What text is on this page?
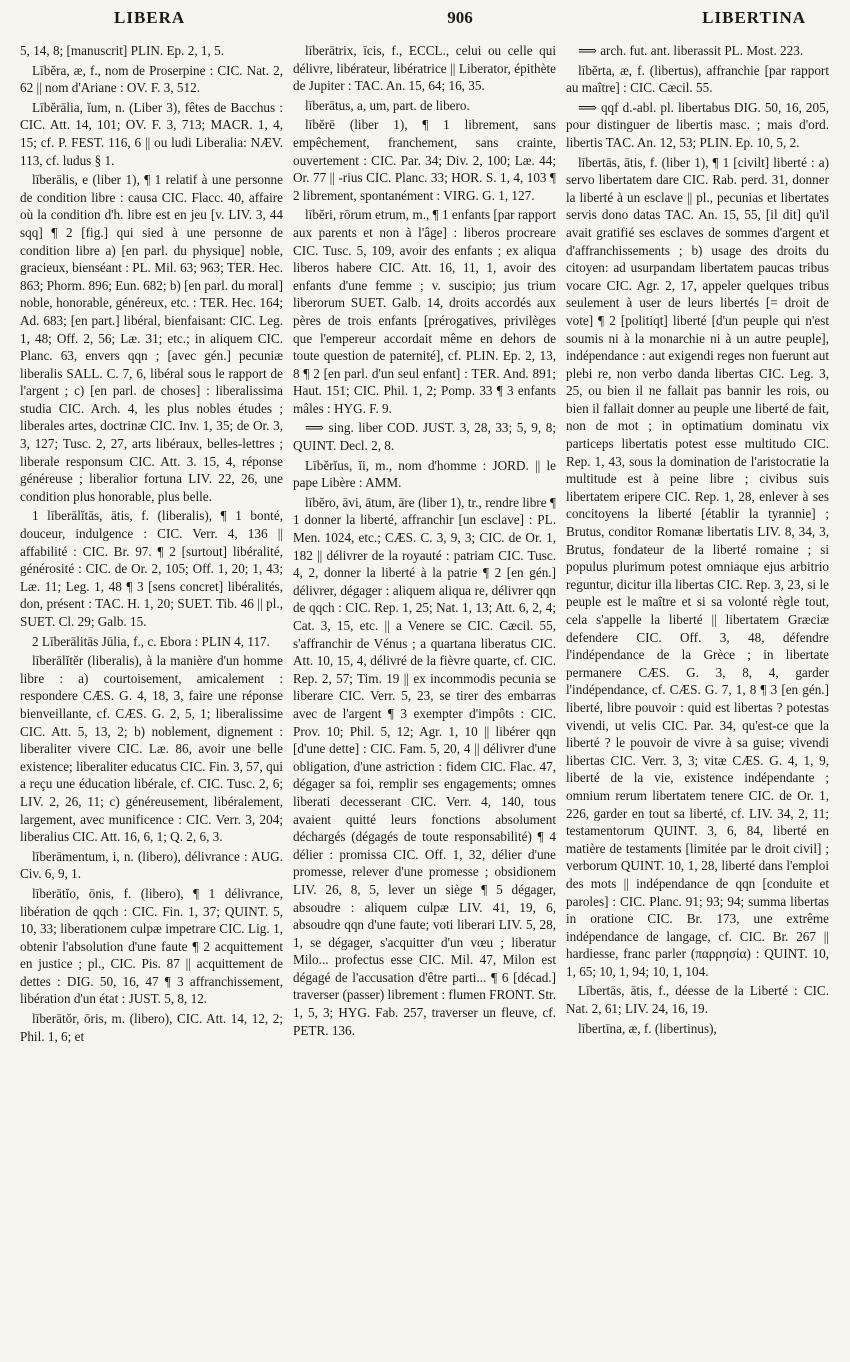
LIBERA	906	LIBERTINA

5, 14, 8; [manuscrit] PLIN. Ep. 2, 1, 5.

Lībĕra, æ, f., nom de Proserpine : CIC. Nat. 2, 62 || nom d'Ariane : OV. F. 3, 512.

Lībĕrālia, ĭum, n. (Liber 3), fêtes de Bacchus : CIC. Att. 14, 101; OV. F. 3, 713; MACR. 1, 4, 15; cf. P. FEST. 116, 6 || ou ludi Liberalia: NÆV. 113, cf. ludus § 1.

līberālis, e (liber 1), ¶ 1 relatif à une personne de condition libre : causa CIC. Flacc. 40, affaire où la condition d'h. libre est en jeu [v. LIV. 3, 44 sqq] ¶ 2 [fig.] qui sied à une personne de condition libre a) [en parl. du physique] noble, gracieux, bienséant : PL. Mil. 63; 963; TER. Hec. 863; Phorm. 896; Eun. 682; b) [en parl. du moral] noble, honorable, généreux, etc. : TER. Hec. 164; Ad. 683; [en part.] libéral, bienfaisant: CIC. Leg. 1, 48; Off. 2, 56; Læ. 31; etc.; in aliquem CIC. Planc. 63, envers qqn ; [avec gén.] pecuniæ liberalis SALL. C. 7, 6, libéral sous le rapport de l'argent ; c) [en parl. de choses] : liberalissima studia CIC. Arch. 4, les plus nobles études ; liberales artes, doctrinæ CIC. Inv. 1, 35; de Or. 3, 3, 127; Tusc. 2, 27, arts libéraux, belles-lettres ; liberale responsum CIC. Att. 3. 15, 4, réponse généreuse ; liberalior fortuna LIV. 22, 26, une condition plus honorable, plus belle.

1 līberālĭtās, ātis, f. (liberalis), ¶ 1 bonté, douceur, indulgence : CIC. Verr. 4, 136 || affabilité : CIC. Br. 97. ¶ 2 [surtout] libéralité, générosité : CIC. de Or. 2, 105; Off. 1, 20; 1, 43; Læ. 11; Leg. 1, 48 ¶ 3 [sens concret] libéralités, don, présent : TAC. H. 1, 20; SUET. Tib. 46 || pl., SUET. Cl. 29; Galb. 15.

2 Līberālitās Jūlia, f., c. Ebora : PLIN 4, 117.

līberālĭtĕr (liberalis), à la manière d'un homme libre : a) courtoisement, amicalement : respondere CÆS. G. 4, 18, 3, faire une réponse bienveillante, cf. CÆS. G. 2, 5, 1; liberalissime CIC. Att. 5, 13, 2; b) noblement, dignement : liberaliter vivere CIC. Læ. 86, avoir une belle existence; liberaliter educatus CIC. Fin. 3, 57, qui a reçu une éducation libérale, cf. CIC. Tusc. 2, 6; LIV. 2, 26, 11; c) généreusement, libéralement, largement, avec munificence : CIC. Verr. 3, 204; liberalius CIC. Att. 16, 6, 1; Q. 2, 6, 3.

līberāmentum, i, n. (libero), délivrance : AUG. Civ. 6, 9, 1.

līberātĭo, ōnis, f. (libero), ¶ 1 délivrance, libération de qqch : CIC. Fin. 1, 37; QUINT. 5, 10, 33; liberationem culpæ impetrare CIC. Lig. 1, obtenir l'absolution d'une faute ¶ 2 acquittement en justice ; pl., CIC. Pis. 87 || acquittement de dettes : DIG. 50, 16, 47 ¶ 3 affranchissement, libération d'un état : JUST. 5, 8, 12.

līberātŏr, ōris, m. (libero), CIC. Att. 14, 12, 2; Phil. 1, 6; et

līberātrix, īcis, f., ECCL., celui ou celle qui délivre, libérateur, libératrice || Liberator, épithète de Jupiter : TAC. An. 15, 64; 16, 35.

līberātus, a, um, part. de libero.

lībĕrē (liber 1), ¶ 1 librement, sans empêchement, franchement, sans crainte, ouvertement : CIC. Par. 34; Div. 2, 100; Læ. 44; Or. 77 || -rius CIC. Planc. 33; HOR. S. 1, 4, 103 ¶ 2 librement, spontanément : VIRG. G. 1, 127.

lībĕri, rōrum etrum, m., ¶ 1 enfants [par rapport aux parents et non à l'âge] : liberos procreare CIC. Tusc. 5, 109, avoir des enfants ; ex aliqua liberos habere CIC. Att. 16, 11, 1, avoir des enfants d'une femme ; v. suscipio; jus trium liberorum SUET. Galb. 14, droits accordés aux pères de trois enfants [prérogatives, privilèges que l'empereur accordait même en dehors de toute question de paternité], cf. PLIN. Ep. 2, 13, 8 ¶ 2 [en parl. d'un seul enfant] : TER. And. 891; Haut. 151; CIC. Phil. 1, 2; Pomp. 33 ¶ 3 enfants mâles : HYG. F. 9.

⟹ sing. liber COD. JUST. 3, 28, 33; 5, 9, 8; QUINT. Decl. 2, 8.

Lībĕrĭus, ĭi, m., nom d'homme : JORD. || le pape Libère : AMM.

lībĕro, āvi, ātum, āre (liber 1), tr., rendre libre ¶ 1 donner la liberté, affranchir [un esclave] : PL. Men. 1024, etc.; CÆS. C. 3, 9, 3; CIC. de Or. 1, 182 || délivrer de la royauté : patriam CIC. Tusc. 4, 2, donner la liberté à la patrie ¶ 2 [en gén.] délivrer, dégager : aliquem aliqua re, délivrer qqn de qqch : CIC. Rep. 1, 25; Nat. 1, 13; Att. 6, 2, 4; Cat. 3, 15, etc. || a Venere se CIC. Cæcil. 55, s'affranchir de Vénus ; a quartana liberatus CIC. Att. 10, 15, 4, délivré de la fièvre quarte, cf. CIC. Rep. 2, 57; Tim. 19 || ex incommodis pecunia se liberare CIC. Verr. 5, 23, se tirer des embarras avec de l'argent ¶ 3 exempter d'impôts : CIC. Prov. 10; Phil. 5, 12; Agr. 1, 10 || libérer qqn [d'une dette] : CIC. Fam. 5, 20, 4 || délivrer d'une obligation, d'une astriction : fidem CIC. Flac. 47, dégager sa foi, remplir ses engagements; omnes liberati decesserant CIC. Verr. 4, 140, tous avaient quitté leurs fonctions absolument déchargés (dégagés de toute responsabilité) ¶ 4 délier : promissa CIC. Off. 1, 32, délier d'une promesse, relever d'une promesse ; obsidionem LIV. 26, 8, 5, lever un siège ¶ 5 dégager, absoudre : aliquem culpæ LIV. 41, 19, 6, absoudre qqn d'une faute; voti liberari LIV. 5, 28, 1, se dégager, s'acquitter d'un vœu ; liberatur Milo... profectus esse CIC. Mil. 47, Milon est dégagé de l'accusation d'être parti... ¶ 6 [décad.] traverser (passer) librement : flumen FRONT. Str. 1, 5, 3; HYG. Fab. 257, traverser un fleuve, cf. PETR. 136.

⟹ arch. fut. ant. liberassit PL. Most. 223.

lībĕrta, æ, f. (libertus), affranchie [par rapport au maître] : CIC. Cæcil. 55.

⟹ qqf d.-abl. pl. libertabus DIG. 50, 16, 205, pour distinguer de libertis masc. ; mais d'ord. libertis TAC. An. 12, 53; PLIN. Ep. 10, 5, 2.

lībertās, ātis, f. (liber 1), ¶ 1 [civilt] liberté : a) servo libertatem dare CIC. Rab. perd. 31, donner la liberté à un esclave || pl., pecunias et libertates servis dono datas TAC. An. 15, 55, [il dit] qu'il avait gratifié ses esclaves de sommes d'argent et d'affranchissements ; b) usage des droits du citoyen: ad usurpandam libertatem paucas tribus vocare CIC. Agr. 2, 17, appeler quelques tribus seulement à user de leurs libertés [= droit de vote] ¶ 2 [politiqt] liberté [d'un peuple qui n'est soumis ni à la monarchie ni à un autre peuple], indépendance : aut exigendi reges non fuerunt aut plebi re, non verbo danda libertas CIC. Leg. 3, 25, ou bien il ne fallait pas bannir les rois, ou bien il fallait donner au peuple une liberté de fait, non de mot ; in optimatium dominatu vix particeps libertatis potest esse multitudo CIC. Rep. 1, 43, sous la domination de l'aristocratie la multitude est à peine libre ; civibus suis libertatem eripere CIC. Rep. 1, 28, enlever à ses concitoyens la liberté [établir la tyrannie] ; Brutus, conditor Romanæ libertatis LIV. 8, 34, 3, Brutus, fondateur de la liberté romaine ; si populus plurimum potest omniaque ejus arbitrio reguntur, dicitur illa libertas CIC. Rep. 3, 23, si le peuple est le maître et si sa volonté règle tout, cela s'appelle la liberté || libertatem Græciæ defendere CIC. Off. 3, 48, défendre l'indépendance de la Grèce ; in libertate permanere CÆS. G. 3, 8, 4, garder l'indépendance, cf. CÆS. G. 7, 1, 8 ¶ 3 [en gén.] liberté, libre pouvoir : quid est libertas ? potestas vivendi, ut velis CIC. Par. 34, qu'est-ce que la liberté ? le pouvoir de vivre à sa guise; vivendi libertas CIC. Verr. 3, 3; vitæ CÆS. G. 4, 1, 9, liberté de la vie, existence indépendante ; omnium rerum libertatem tenere CIC. de Or. 1, 226, garder en tout sa liberté, cf. LIV. 34, 2, 11; testamentorum QUINT. 3, 6, 84, liberté en matière de testaments [limitée par le droit civil] ; verborum QUINT. 10, 1, 28, liberté dans l'emploi des mots || indépendance de qqn [conduite et paroles] : CIC. Planc. 91; 93; 94; summa libertas in oratione CIC. Br. 173, une extrême indépendance de langage, cf. CIC. Br. 267 || hardiesse, franc parler (παρρησία) : QUINT. 10, 1, 65; 10, 1, 94; 10, 1, 104.

Lībertās, ātis, f., déesse de la Liberté : CIC. Nat. 2, 61; LIV. 24, 16, 19.

lībertīna, æ, f. (libertinus),
